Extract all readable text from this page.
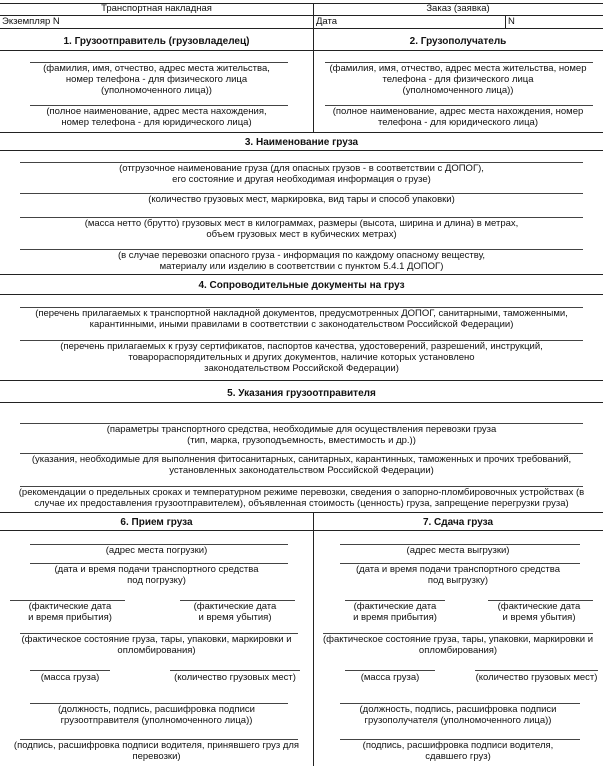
Транспортная накладная	Заказ (заявка)
Экземпляр N	Дата	N
1. Грузоотправитель (грузовладелец)	2. Грузополучатель
(фамилия, имя, отчество, адрес места жительства,
номер телефона - для физического лица
(уполномоченного лица))
(полное наименование, адрес места нахождения,
номер телефона - для юридического лица)
(фамилия, имя, отчество, адрес места жительства, номер
телефона - для физического лица
(уполномоченного лица))
(полное наименование, адрес места нахождения, номер
телефона - для юридического лица)
3. Наименование груза
(отгрузочное наименование груза (для опасных грузов - в соответствии с ДОПОГ),
его состояние и другая необходимая информация о грузе)
(количество грузовых мест, маркировка, вид тары и способ упаковки)
(масса нетто (брутто) грузовых мест в килограммах, размеры (высота, ширина и длина) в метрах,
объем грузовых мест в кубических метрах)
(в случае перевозки опасного груза - информация по каждому опасному веществу,
материалу или изделию в соответствии с пунктом 5.4.1 ДОПОГ)
4. Сопроводительные документы на груз
(перечень прилагаемых к транспортной накладной документов, предусмотренных ДОПОГ, санитарными, таможенными,
карантинными, иными правилами в соответствии с законодательством Российской Федерации)
(перечень прилагаемых к грузу сертификатов, паспортов качества, удостоверений, разрешений, инструкций,
товарораспорядительных и других документов, наличие которых установлено
законодательством Российской Федерации)
5. Указания грузоотправителя
(параметры транспортного средства, необходимые для осуществления перевозки груза
(тип, марка, грузоподъемность, вместимость и др.))
(указания, необходимые для выполнения фитосанитарных, санитарных, карантинных, таможенных и прочих требований,
установленных законодательством Российской Федерации)
(рекомендации о предельных сроках и температурном режиме перевозки, сведения о запорно-пломбировочных устройствах (в
случае их предоставления грузоотправителем), объявленная стоимость (ценность) груза, запрещение перегрузки груза)
6. Прием груза	7. Сдача груза
(адрес места погрузки)
(дата и время подачи транспортного средства
под погрузку)
(фактические дата
и время прибытия)
(фактические дата
и время убытия)
(фактическое состояние груза, тары, упаковки, маркировки и
опломбирования)
(масса груза)	(количество грузовых мест)
(должность, подпись, расшифровка подписи
грузоотправителя (уполномоченного лица))
(подпись, расшифровка подписи водителя, принявшего груз для
перевозки)
(адрес места выгрузки)
(дата и время подачи транспортного средства
под выгрузку)
(фактические дата
и время прибытия)
(фактические дата
и время убытия)
(фактическое состояние груза, тары, упаковки, маркировки и
опломбирования)
(масса груза)	(количество грузовых мест)
(должность, подпись, расшифровка подписи
грузополучателя (уполномоченного лица))
(подпись, расшифровка подписи водителя,
сдавшего груз)
